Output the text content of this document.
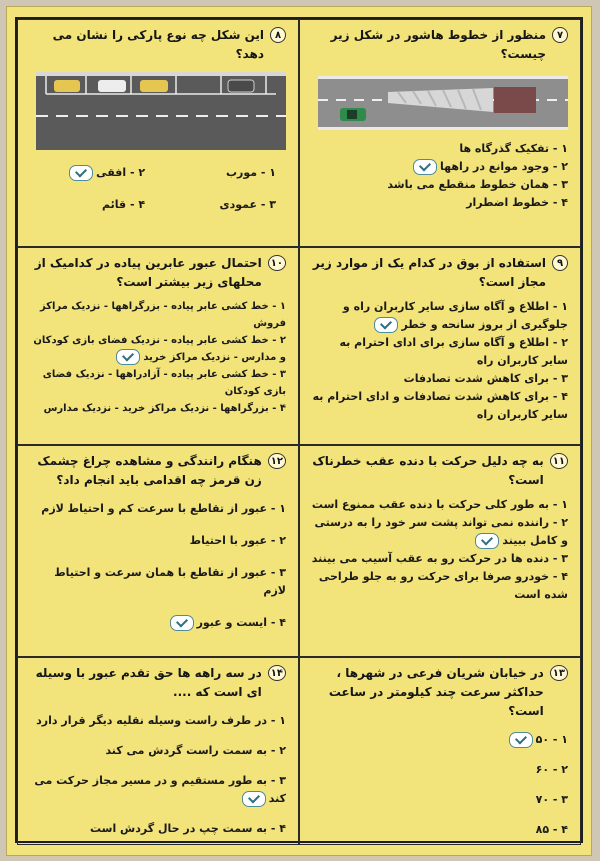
۷
منظور از خطوط هاشور در شکل زیر چیست؟
۱ - تفکیک گذرگاه ها
۲ - وجود موانع در راهها
۳ - همان خطوط منقطع می باشد
۴ - خطوط اضطرار
۸
این شکل چه نوع پارکی را نشان می دهد؟
۱ - مورب
۲ - افقی
۳ - عمودی
۴ - قائم
۹
استفاده از بوق در کدام یک از موارد زیر مجاز است؟
۱ - اطلاع و آگاه سازی سایر کاربران راه و جلوگیری از بروز سانحه و خطر
۲ - اطلاع و آگاه سازی برای ادای احترام به سایر کاربران راه
۳ - برای کاهش شدت تصادفات
۴ - برای کاهش شدت تصادفات و ادای احترام به سایر کاربران راه
۱۰
احتمال عبور عابرین پیاده در کدامیک از محلهای زیر بیشتر است؟
۱ - خط کشی عابر پیاده - بزرگراهها - نزدیک مراکز فروش
۲ - خط کشی عابر پیاده - نزدیک فضای بازی کودکان و مدارس - نزدیک مراکز خرید
۳ - خط کشی عابر پیاده - آزادراهها - نزدیک فضای بازی کودکان
۴ - بزرگراهها - نزدیک مراکز خرید - نزدیک مدارس
۱۱
به چه دلیل حرکت با دنده عقب خطرناک است؟
۱ - به طور کلی حرکت با دنده عقب ممنوع است
۲ - راننده نمی تواند پشت سر خود را به درستی و کامل ببیند
۳ - دنده ها در حرکت رو به عقب آسیب می بینند
۴ - خودرو صرفا برای حرکت رو به جلو طراحی شده است
۱۲
هنگام رانندگی و مشاهده چراغ چشمک زن قرمز چه اقدامی باید انجام داد؟
۱ - عبور از تقاطع با سرعت کم و احتیاط لازم
۲ - عبور با احتیاط
۳ - عبور از تقاطع با همان سرعت و احتیاط لازم
۴ - ایست و عبور
۱۳
در خیابان شریان فرعی در شهرها ، حداکثر سرعت چند کیلومتر در ساعت است؟
۱ - ۵۰
۲ - ۶۰
۳ - ۷۰
۴ - ۸۵
۱۴
در سه راهه ها حق تقدم عبور با وسیله ای است که ....
۱ - در طرف راست وسیله نقلیه دیگر قرار دارد
۲ - به سمت راست گردش می کند
۳ - به طور مستقیم و در مسیر مجاز حرکت می کند
۴ - به سمت چپ در حال گردش است
